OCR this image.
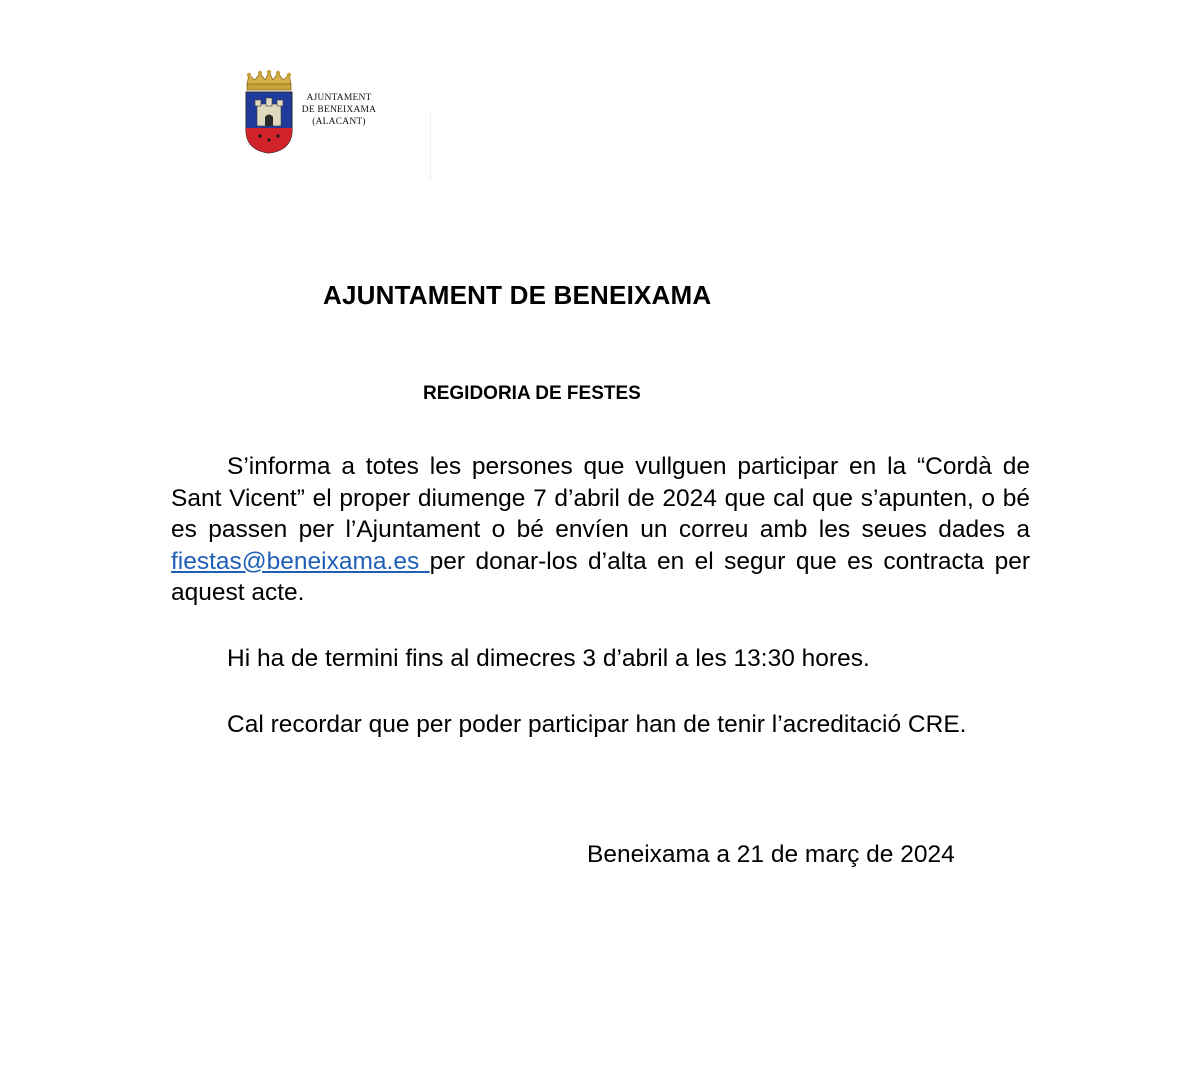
AJUNTAMENT
DE BENEIXAMA
(ALACANT)
AJUNTAMENT DE BENEIXAMA
REGIDORIA DE FESTES

S’informa a totes les persones que vullguen participar en la “Cordà de Sant Vicent” el proper diumenge 7 d’abril de 2024 que cal que s’apunten, o bé es passen per l’Ajuntament o bé envíen un correu amb les seues dades a fiestas@beneixama.es per donar-los d’alta en el segur que es contracta per aquest acte.

Hi ha de termini fins al dimecres 3 d’abril a les 13:30 hores.

Cal recordar que per poder participar han de tenir l’acreditació CRE.

Beneixama a 21 de març de 2024
